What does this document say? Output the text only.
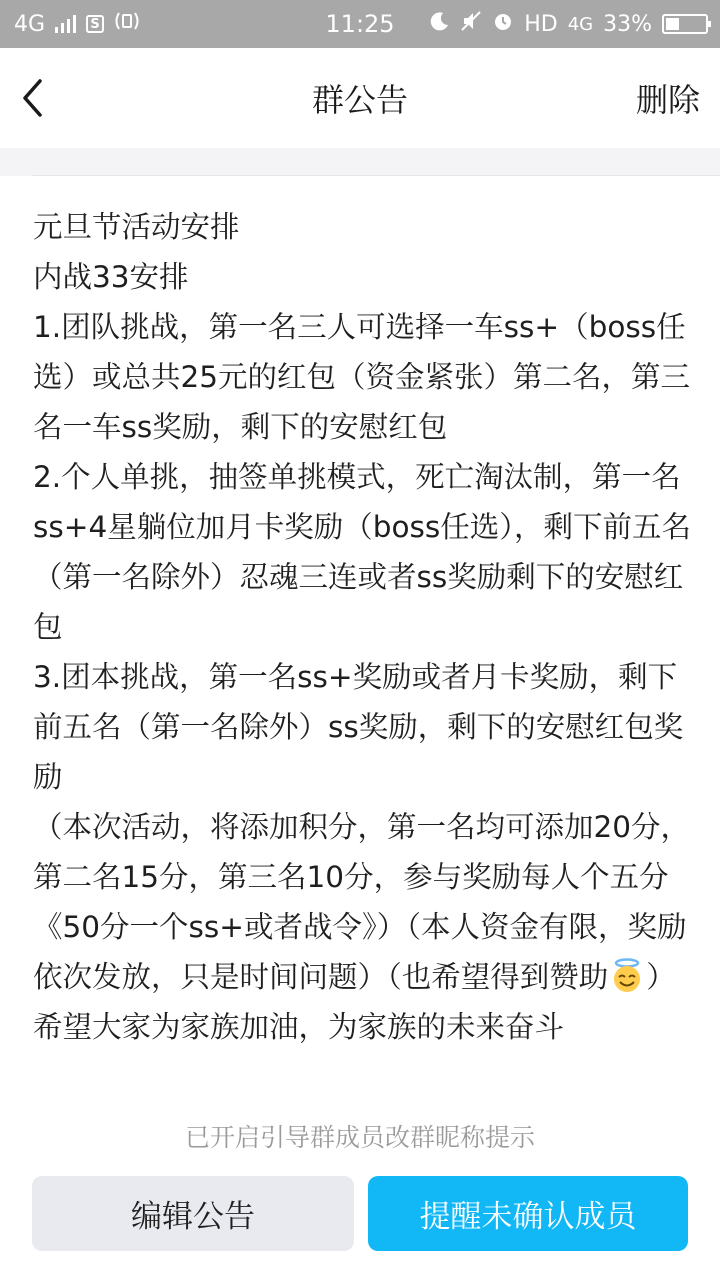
4G	S	11:25	HD 4G 33%
群公告	删除
元旦节活动安排
内战33安排
1.团队挑战，第一名三人可选择一车ss+（boss任选）或总共25元的红包（资金紧张）第二名，第三名一车ss奖励，剩下的安慰红包
2.个人单挑，抽签单挑模式，死亡淘汰制，第一名ss+4星躺位加月卡奖励（boss任选），剩下前五名（第一名除外）忍魂三连或者ss奖励剩下的安慰红包
3.团本挑战，第一名ss+奖励或者月卡奖励，剩下前五名（第一名除外）ss奖励，剩下的安慰红包奖励
（本次活动，将添加积分，第一名均可添加20分，第二名15分，第三名10分，参与奖励每人个五分《50分一个ss+或者战令》）（本人资金有限，奖励依次发放，只是时间问题）（也希望得到赞助 ）希望大家为家族加油，为家族的未来奋斗
已开启引导群成员改群昵称提示
编辑公告	提醒未确认成员
